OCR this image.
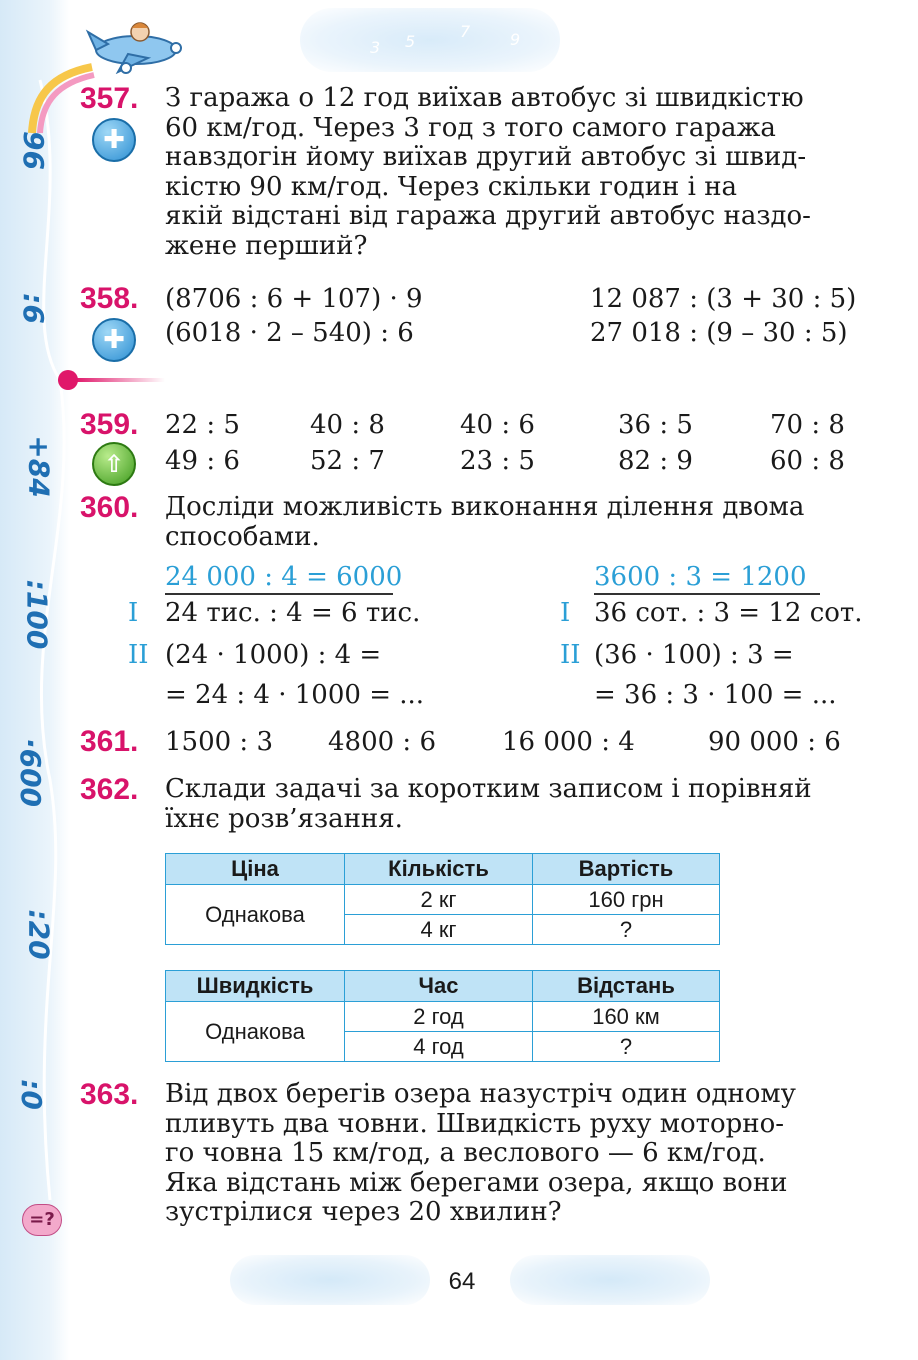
3 5
7 9
96
:6
+84
:100
·600
:20
:0
=?
357.
✚
З гаража о 12 год виїхав автобус зі швидкістю
60 км/год. Через 3 год з того самого гаража
навздогін йому виїхав другий автобус зі швид-
кістю 90 км/год. Через скільки годин і на
якій відстані від гаража другий автобус наздо-
жене перший?
358.
✚
(8706 : 6 + 107) · 9	12 087 : (3 + 30 : 5)
(6018 · 2 – 540) : 6	27 018 : (9 – 30 : 5)
359.
⇧
22 : 5	40 : 8	40 : 6	36 : 5	70 : 8
49 : 6	52 : 7	23 : 5	82 : 9	60 : 8
360. Досліди можливість виконання ділення двома
способами.
24 000 : 4 = 6000
I 24 тис. : 4 = 6 тис.
II (24 · 1000) : 4 =
= 24 : 4 · 1000 = ...
3600 : 3 = 1200
I 36 сот. : 3 = 12 сот.
II (36 · 100) : 3 =
= 36 : 3 · 100 = ...
361. 1500 : 3 4800 : 6	16 000 : 4	90 000 : 6
362. Склади задачі за коротким записом і порівняй
їхнє розв’язання.
Ціна	Кількість	Вартість
Однакова	2 кг	160 грн
	4 кг	?
Швидкість	Час	Відстань
Однакова	2 год	160 км
	4 год	?
363. Від двох берегів озера назустріч один одному
пливуть два човни. Швидкість руху моторно-
го човна 15 км/год, а веслового — 6 км/год.
Яка відстань між берегами озера, якщо вони
зустрілися через 20 хвилин?
64
